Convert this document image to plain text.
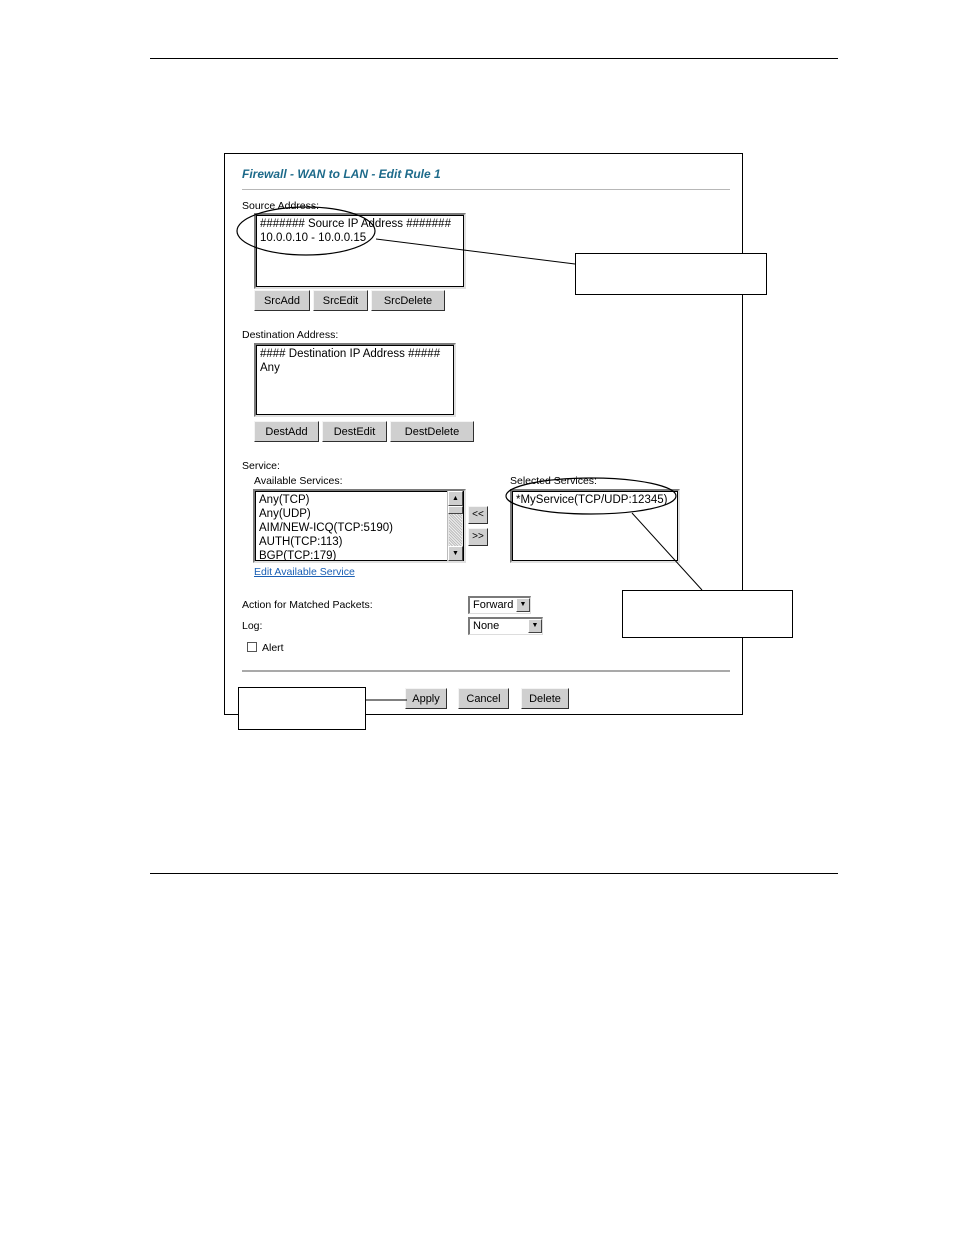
Firewall - WAN to LAN - Edit Rule 1
Source Address:
####### Source IP Address #######
10.0.0.10 - 10.0.0.15
SrcAdd	SrcEdit	SrcDelete
Destination Address:
#### Destination IP Address #####
Any
DestAdd	DestEdit	DestDelete
Service:
Available Services:
Any(TCP)
Any(UDP)
AIM/NEW-ICQ(TCP:5190)
AUTH(TCP:113)
BGP(TCP:179)
▲
▼
<<
>>
Selected Services:
*MyService(TCP/UDP:12345)
Edit Available Service
Action for Matched Packets:	Forward ▼
Log:	None	▼
Alert
Apply	Cancel	Delete
